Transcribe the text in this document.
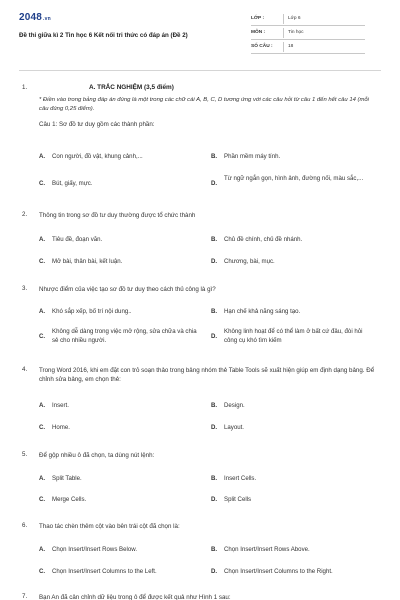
2048.vn
Đề thi giữa kì 2 Tin học 6 Kết nối tri thức có đáp án (Đề 2)
LỚP :	Lớp 6
MÔN :	Tin học
SỐ CÂU :	18
1.	A. TRẮC NGHIỆM (3,5 điểm)
* Điền vào trong bảng đáp án đúng là một trong các chữ cái A, B, C, D tương ứng với các câu hỏi từ câu 1 đến hết câu 14 (mỗi câu đúng 0,25 điểm).
Câu 1: Sơ đồ tư duy gồm các thành phần:
A.	Con người, đồ vật, khung cảnh,...	B.	Phần mềm máy tính.
C.	Bút, giấy, mực.	D.
Từ ngữ ngắn gọn, hình ảnh, đường nối, màu sắc,...
2. Thông tin trong sơ đồ tư duy thường được tổ chức thành
A.	Tiêu đề, đoạn văn.	B.	Chủ đề chính, chủ đề nhánh.
C.	Mở bài, thân bài, kết luận.	D.	Chương, bài, mục.
3. Nhược điểm của việc tạo sơ đồ tư duy theo cách thủ công là gì?
A.	Khó sắp xếp, bố trí nội dung..	B.	Hạn chế khả năng sáng tạo.
C.
Không dễ dàng trong việc mở rộng, sửa chữa và chia sẻ cho nhiều người.
D.
Không linh hoạt để có thể làm ở bất cứ đâu, đòi hỏi công cụ khó tìm kiếm
4. Trong Word 2016, khi em đặt con trỏ soạn thảo trong bảng nhóm thẻ Table Tools sẽ xuất hiện giúp em định dạng bảng. Để chỉnh sửa bảng, em chọn thẻ:
A.	Insert.	B.	Design.
C.	Home.	D.	Layout.
5. Để gộp nhiều ô đã chọn, ta dùng nút lệnh:
A.	Split Table.	B.	Insert Cells.
C.	Merge Cells.	D.	Split Cells
6. Thao tác chèn thêm cột vào bên trái cột đã chọn là:
A.	Chọn Insert/Insert Rows Below.	B.	Chọn Insert/Insert Rows Above.
C.	Chọn Insert/Insert Columns to the Left.	D.	Chọn Insert/Insert Columns to the Right.
7. Bạn An đã cân chỉnh dữ liệu trong ô để được kết quả như Hình 1 sau:
